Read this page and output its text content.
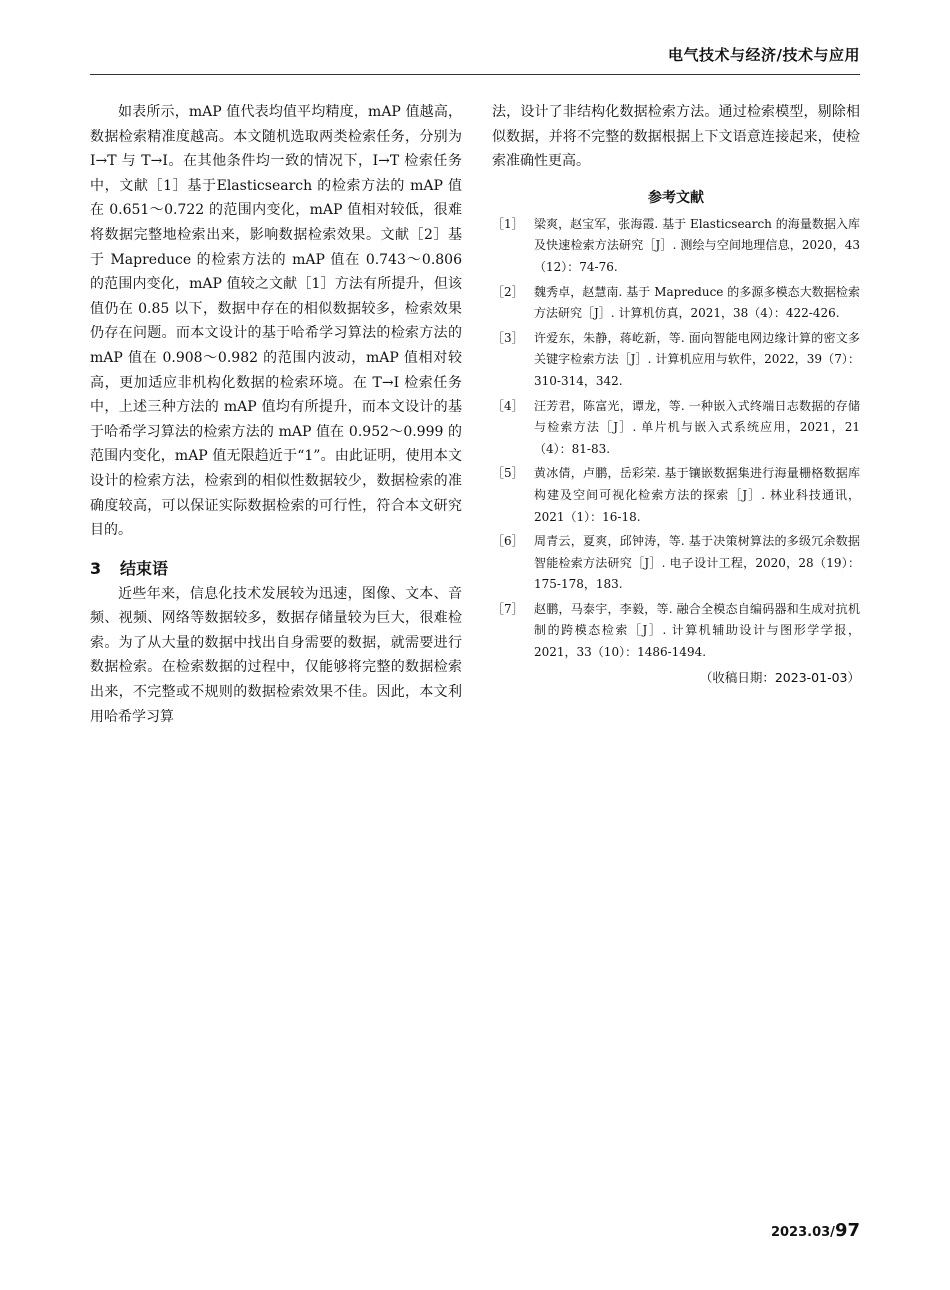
电气技术与经济/技术与应用

如表所示，mAP 值代表均值平均精度，mAP 值越高，数据检索精准度越高。本文随机选取两类检索任务，分别为 I→T 与 T→I。在其他条件均一致的情况下，I→T 检索任务中，文献［1］基于Elasticsearch 的检索方法的 mAP 值在 0.651～0.722 的范围内变化，mAP 值相对较低，很难将数据完整地检索出来，影响数据检索效果。文献［2］基于 Mapreduce 的检索方法的 mAP 值在 0.743～0.806 的范围内变化，mAP 值较之文献［1］方法有所提升，但该值仍在 0.85 以下，数据中存在的相似数据较多，检索效果仍存在问题。而本文设计的基于哈希学习算法的检索方法的 mAP 值在 0.908～0.982 的范围内波动，mAP 值相对较高，更加适应非机构化数据的检索环境。在 T→I 检索任务中，上述三种方法的 mAP 值均有所提升，而本文设计的基于哈希学习算法的检索方法的 mAP 值在 0.952～0.999 的范围内变化，mAP 值无限趋近于“1”。由此证明，使用本文设计的检索方法，检索到的相似性数据较少，数据检索的准确度较高，可以保证实际数据检索的可行性，符合本文研究目的。

3 结束语

近些年来，信息化技术发展较为迅速，图像、文本、音频、视频、网络等数据较多，数据存储量较为巨大，很难检索。为了从大量的数据中找出自身需要的数据，就需要进行数据检索。在检索数据的过程中，仅能够将完整的数据检索出来，不完整或不规则的数据检索效果不佳。因此，本文利用哈希学习算

法，设计了非结构化数据检索方法。通过检索模型，剔除相似数据，并将不完整的数据根据上下文语意连接起来，使检索准确性更高。

参考文献
［1］ 梁爽，赵宝军，张海霞. 基于 Elasticsearch 的海量数据入库及快速检索方法研究［J］. 测绘与空间地理信息，2020，43（12）：74-76.
［2］ 魏秀卓，赵慧南. 基于 Mapreduce 的多源多模态大数据检索方法研究［J］. 计算机仿真，2021，38（4）：422-426.
［3］ 许爱东，朱静，蒋屹新，等. 面向智能电网边缘计算的密文多关键字检索方法［J］. 计算机应用与软件，2022，39（7）：310-314，342.
［4］ 汪芳君，陈富光，谭龙，等. 一种嵌入式终端日志数据的存储与检索方法［J］. 单片机与嵌入式系统应用，2021，21（4）：81-83.
［5］ 黄冰倩，卢鹏，岳彩荣. 基于镶嵌数据集进行海量栅格数据库构建及空间可视化检索方法的探索［J］. 林业科技通讯，2021（1）：16-18.
［6］ 周青云，夏爽，邱钟涛，等. 基于决策树算法的多级冗余数据智能检索方法研究［J］. 电子设计工程，2020，28（19）：175-178，183.
［7］ 赵鹏，马泰宇，李毅，等. 融合全模态自编码器和生成对抗机制的跨模态检索［J］. 计算机辅助设计与图形学学报，2021，33（10）：1486-1494.
（收稿日期：2023-01-03）
2023.03/97
